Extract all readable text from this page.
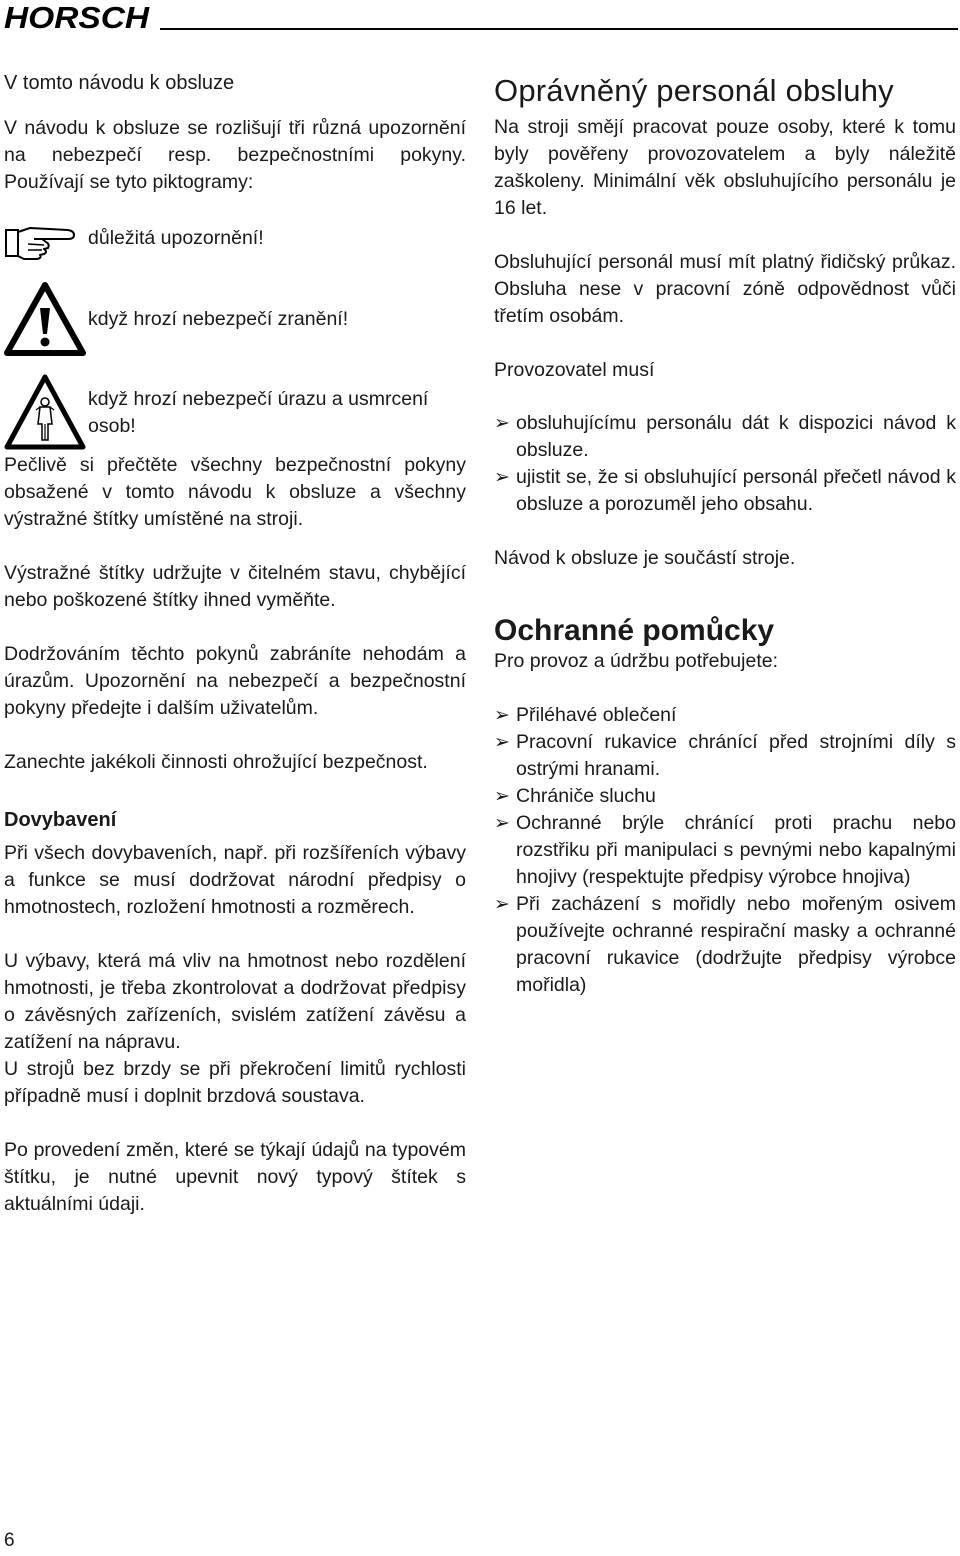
HORSCH
V tomto návodu k obsluze

V návodu k obsluze se rozlišují tři různá upozornění na nebezpečí resp. bezpečnostními pokyny. Používají se tyto piktogramy:

důležitá upozornění!
když hrozí nebezpečí zranění!
když hrozí nebezpečí úrazu a usmrcení osob!

Pečlivě si přečtěte všechny bezpečnostní pokyny obsažené v tomto návodu k obsluze a všechny výstražné štítky umístěné na stroji.

Výstražné štítky udržujte v čitelném stavu, chybějící nebo poškozené štítky ihned vyměňte.

Dodržováním těchto pokynů zabráníte nehodám a úrazům. Upozornění na nebezpečí a bezpečnostní pokyny předejte i dalším uživatelům.

Zanechte jakékoli činnosti ohrožující bezpečnost.

Dovybavení

Při všech dovybaveních, např. při rozšířeních výbavy a funkce se musí dodržovat národní předpisy o hmotnostech, rozložení hmotnosti a rozměrech.

U výbavy, která má vliv na hmotnost nebo rozdělení hmotnosti, je třeba zkontrolovat a dodržovat předpisy o závěsných zařízeních, svislém zatížení závěsu a zatížení na nápravu.

U strojů bez brzdy se při překročení limitů rychlosti případně musí i doplnit brzdová soustava.

Po provedení změn, které se týkají údajů na typovém štítku, je nutné upevnit nový typový štítek s aktuálními údaji.

Oprávněný personál obsluhy

Na stroji smějí pracovat pouze osoby, které k tomu byly pověřeny provozovatelem a byly náležitě zaškoleny. Minimální věk obsluhujícího personálu je 16 let.

Obsluhující personál musí mít platný řidičský průkaz. Obsluha nese v pracovní zóně odpovědnost vůči třetím osobám.

Provozovatel musí

➢ obsluhujícímu personálu dát k dispozici návod k obsluze.
➢ ujistit se, že si obsluhující personál přečetl návod k obsluze a porozuměl jeho obsahu.

Návod k obsluze je součástí stroje.

Ochranné pomůcky

Pro provoz a údržbu potřebujete:

➢ Přiléhavé oblečení
➢ Pracovní rukavice chránící před strojními díly s ostrými hranami.
➢ Chrániče sluchu
➢ Ochranné brýle chránící proti prachu nebo rozstřiku při manipulaci s pevnými nebo kapalnými hnojivy (respektujte předpisy výrobce hnojiva)
➢ Při zacházení s mořidly nebo mořeným osivem používejte ochranné respirační masky a ochranné pracovní rukavice (dodržujte předpisy výrobce mořidla)
6
